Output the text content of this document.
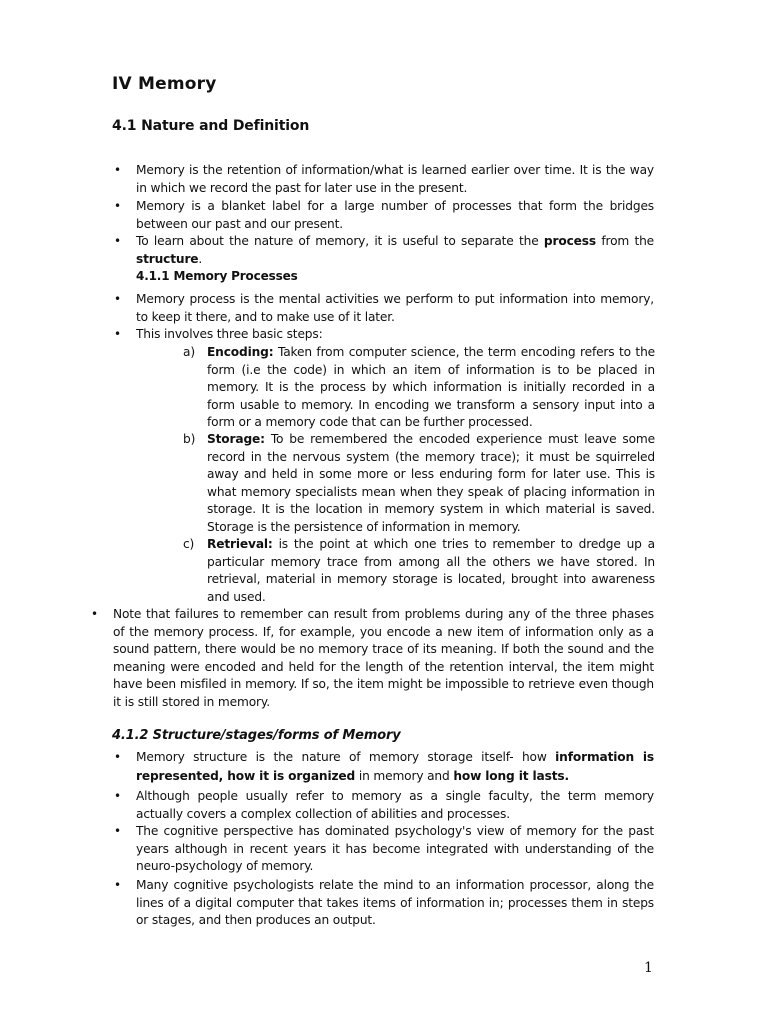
IV Memory
4.1 Nature and Definition
• Memory is the retention of information/what is learned earlier over time. It is the way in which we record the past for later use in the present.
• Memory is a blanket label for a large number of processes that form the bridges between our past and our present.
• To learn about the nature of memory, it is useful to separate the process from the structure.
4.1.1 Memory Processes
• Memory process is the mental activities we perform to put information into memory, to keep it there, and to make use of it later.
• This involves three basic steps:
a) Encoding: Taken from computer science, the term encoding refers to the form (i.e the code) in which an item of information is to be placed in memory. It is the process by which information is initially recorded in a form usable to memory. In encoding we transform a sensory input into a form or a memory code that can be further processed.
b) Storage: To be remembered the encoded experience must leave some record in the nervous system (the memory trace); it must be squirreled away and held in some more or less enduring form for later use. This is what memory specialists mean when they speak of placing information in storage. It is the location in memory system in which material is saved. Storage is the persistence of information in memory.
c) Retrieval: is the point at which one tries to remember to dredge up a particular memory trace from among all the others we have stored. In retrieval, material in memory storage is located, brought into awareness and used.
• Note that failures to remember can result from problems during any of the three phases of the memory process. If, for example, you encode a new item of information only as a sound pattern, there would be no memory trace of its meaning. If both the sound and the meaning were encoded and held for the length of the retention interval, the item might have been misfiled in memory. If so, the item might be impossible to retrieve even though it is still stored in memory.
4.1.2 Structure/stages/forms of Memory
• Memory structure is the nature of memory storage itself- how information is represented, how it is organized in memory and how long it lasts.
• Although people usually refer to memory as a single faculty, the term memory actually covers a complex collection of abilities and processes.
• The cognitive perspective has dominated psychology's view of memory for the past years although in recent years it has become integrated with understanding of the neuro-psychology of memory.
• Many cognitive psychologists relate the mind to an information processor, along the lines of a digital computer that takes items of information in; processes them in steps or stages, and then produces an output.
1
